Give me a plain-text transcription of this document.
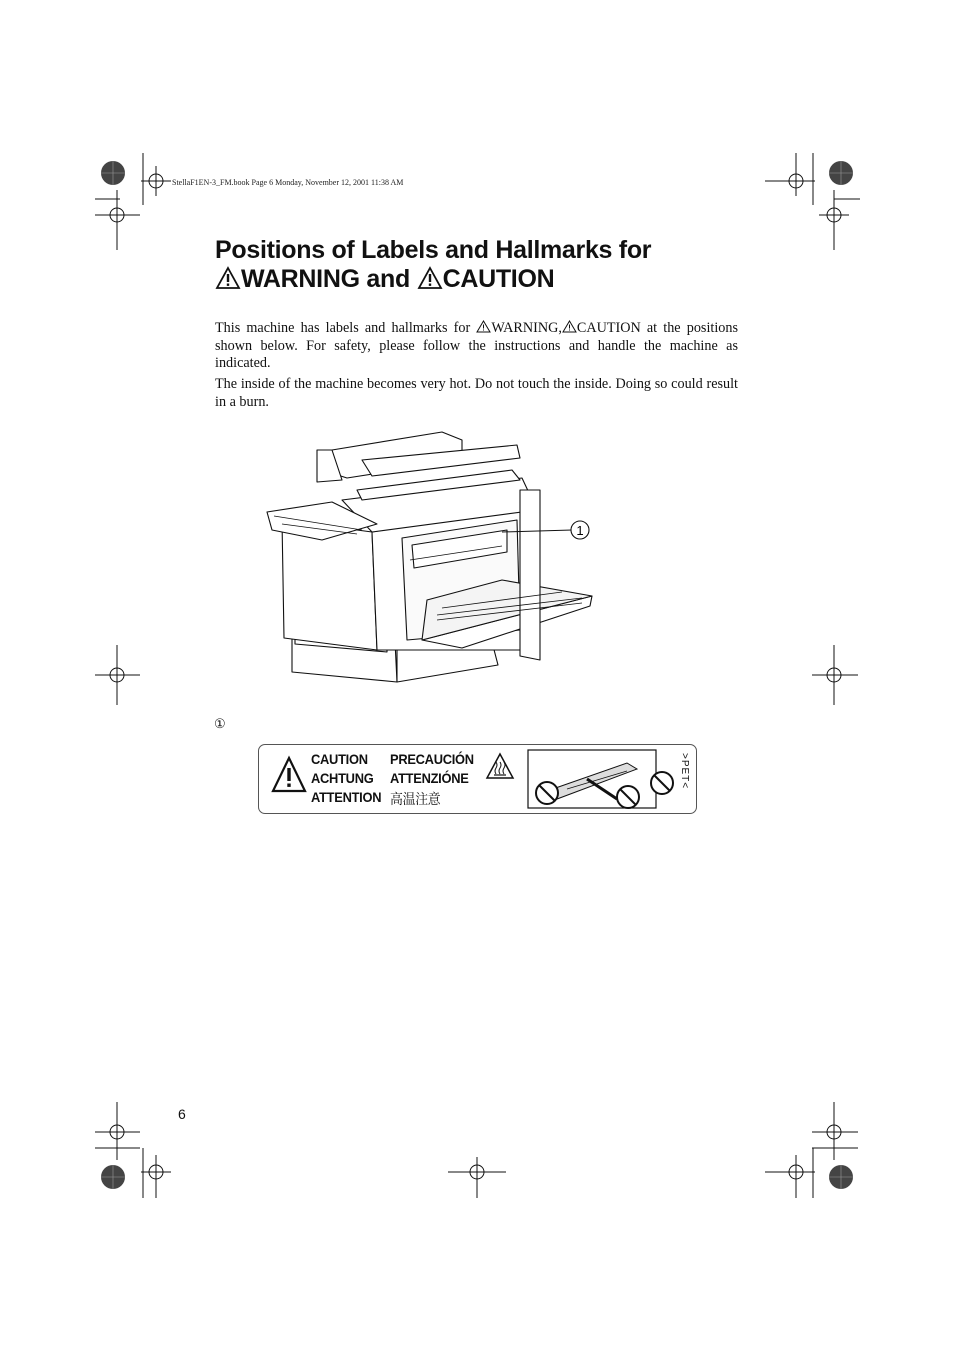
StellaF1EN-3_FM.book Page 6 Monday, November 12, 2001 11:38 AM
Positions of Labels and Hallmarks for
WARNING and CAUTION

This machine has labels and hallmarks for WARNING, CAUTION at the positions shown below. For safety, please follow the instructions and handle the machine as indicated.

The inside of the machine becomes very hot. Do not touch the inside. Doing so could result in a burn.

1
①
CAUTION
ACHTUNG
ATTENTION
PRECAUCIÓN
ATTENZIÓNE
高温注意
>PET<
6
